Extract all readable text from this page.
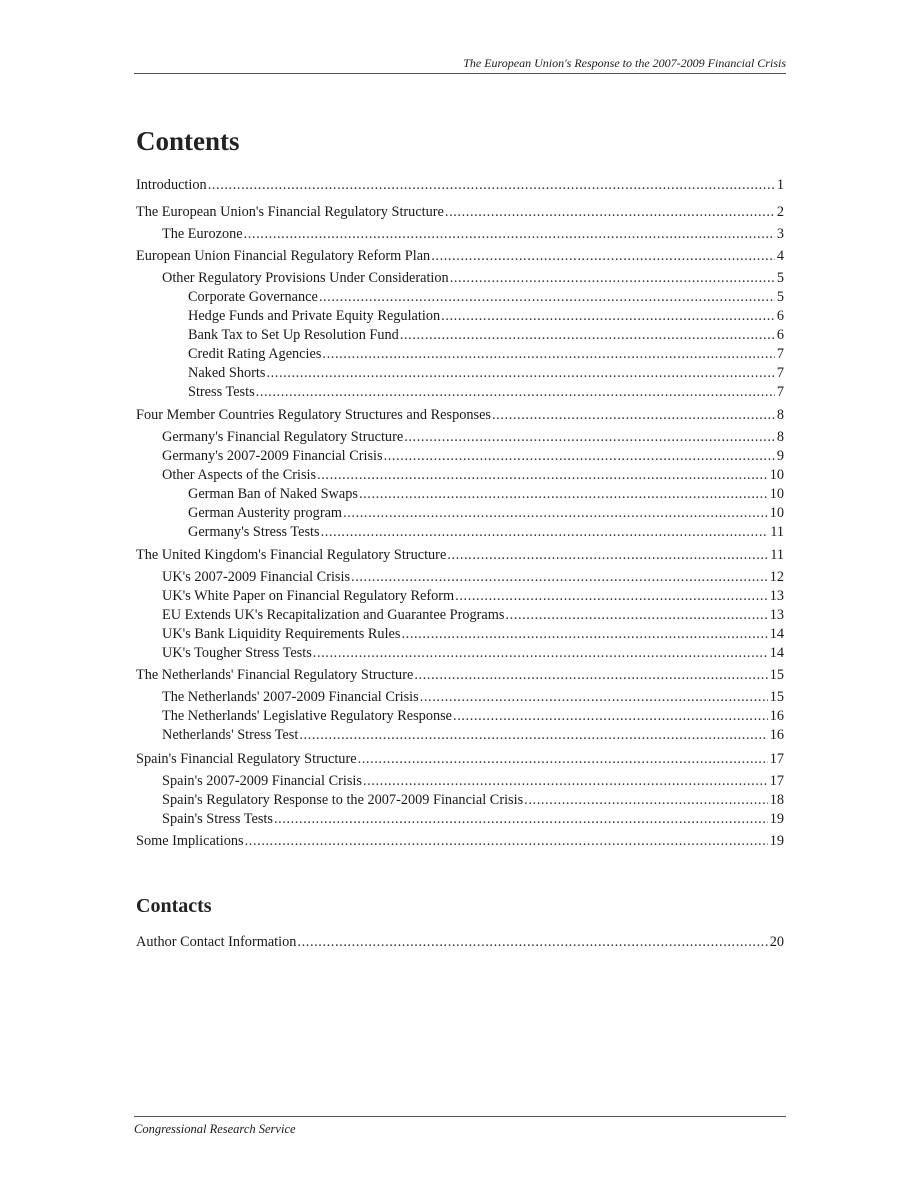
The European Union's Response to the 2007-2009 Financial Crisis
Contents
Introduction .....	1
The European Union's Financial Regulatory Structure .....	2
The Eurozone .....	3
European Union Financial Regulatory Reform Plan .....	4
Other Regulatory Provisions Under Consideration .....	5
Corporate Governance .....	5
Hedge Funds and Private Equity Regulation .....	6
Bank Tax to Set Up Resolution Fund .....	6
Credit Rating Agencies .....	7
Naked Shorts .....	7
Stress Tests .....	7
Four Member Countries Regulatory Structures and Responses .....	8
Germany's Financial Regulatory Structure .....	8
Germany's 2007-2009 Financial Crisis .....	9
Other Aspects of the Crisis .....	10
German Ban of Naked Swaps .....	10
German Austerity program .....	10
Germany's Stress Tests .....	11
The United Kingdom's Financial Regulatory Structure .....	11
UK's 2007-2009 Financial Crisis .....	12
UK's White Paper on Financial Regulatory Reform .....	13
EU Extends UK's Recapitalization and Guarantee Programs .....	13
UK's Bank Liquidity Requirements Rules .....	14
UK's Tougher Stress Tests .....	14
The Netherlands' Financial Regulatory Structure .....	15
The Netherlands' 2007-2009 Financial Crisis .....	15
The Netherlands' Legislative Regulatory Response .....	16
Netherlands' Stress Test .....	16
Spain's Financial Regulatory Structure .....	17
Spain's 2007-2009 Financial Crisis .....	17
Spain's Regulatory Response to the 2007-2009 Financial Crisis .....	18
Spain's Stress Tests .....	19
Some Implications .....	19
Contacts
Author Contact Information .....	20
Congressional Research Service
